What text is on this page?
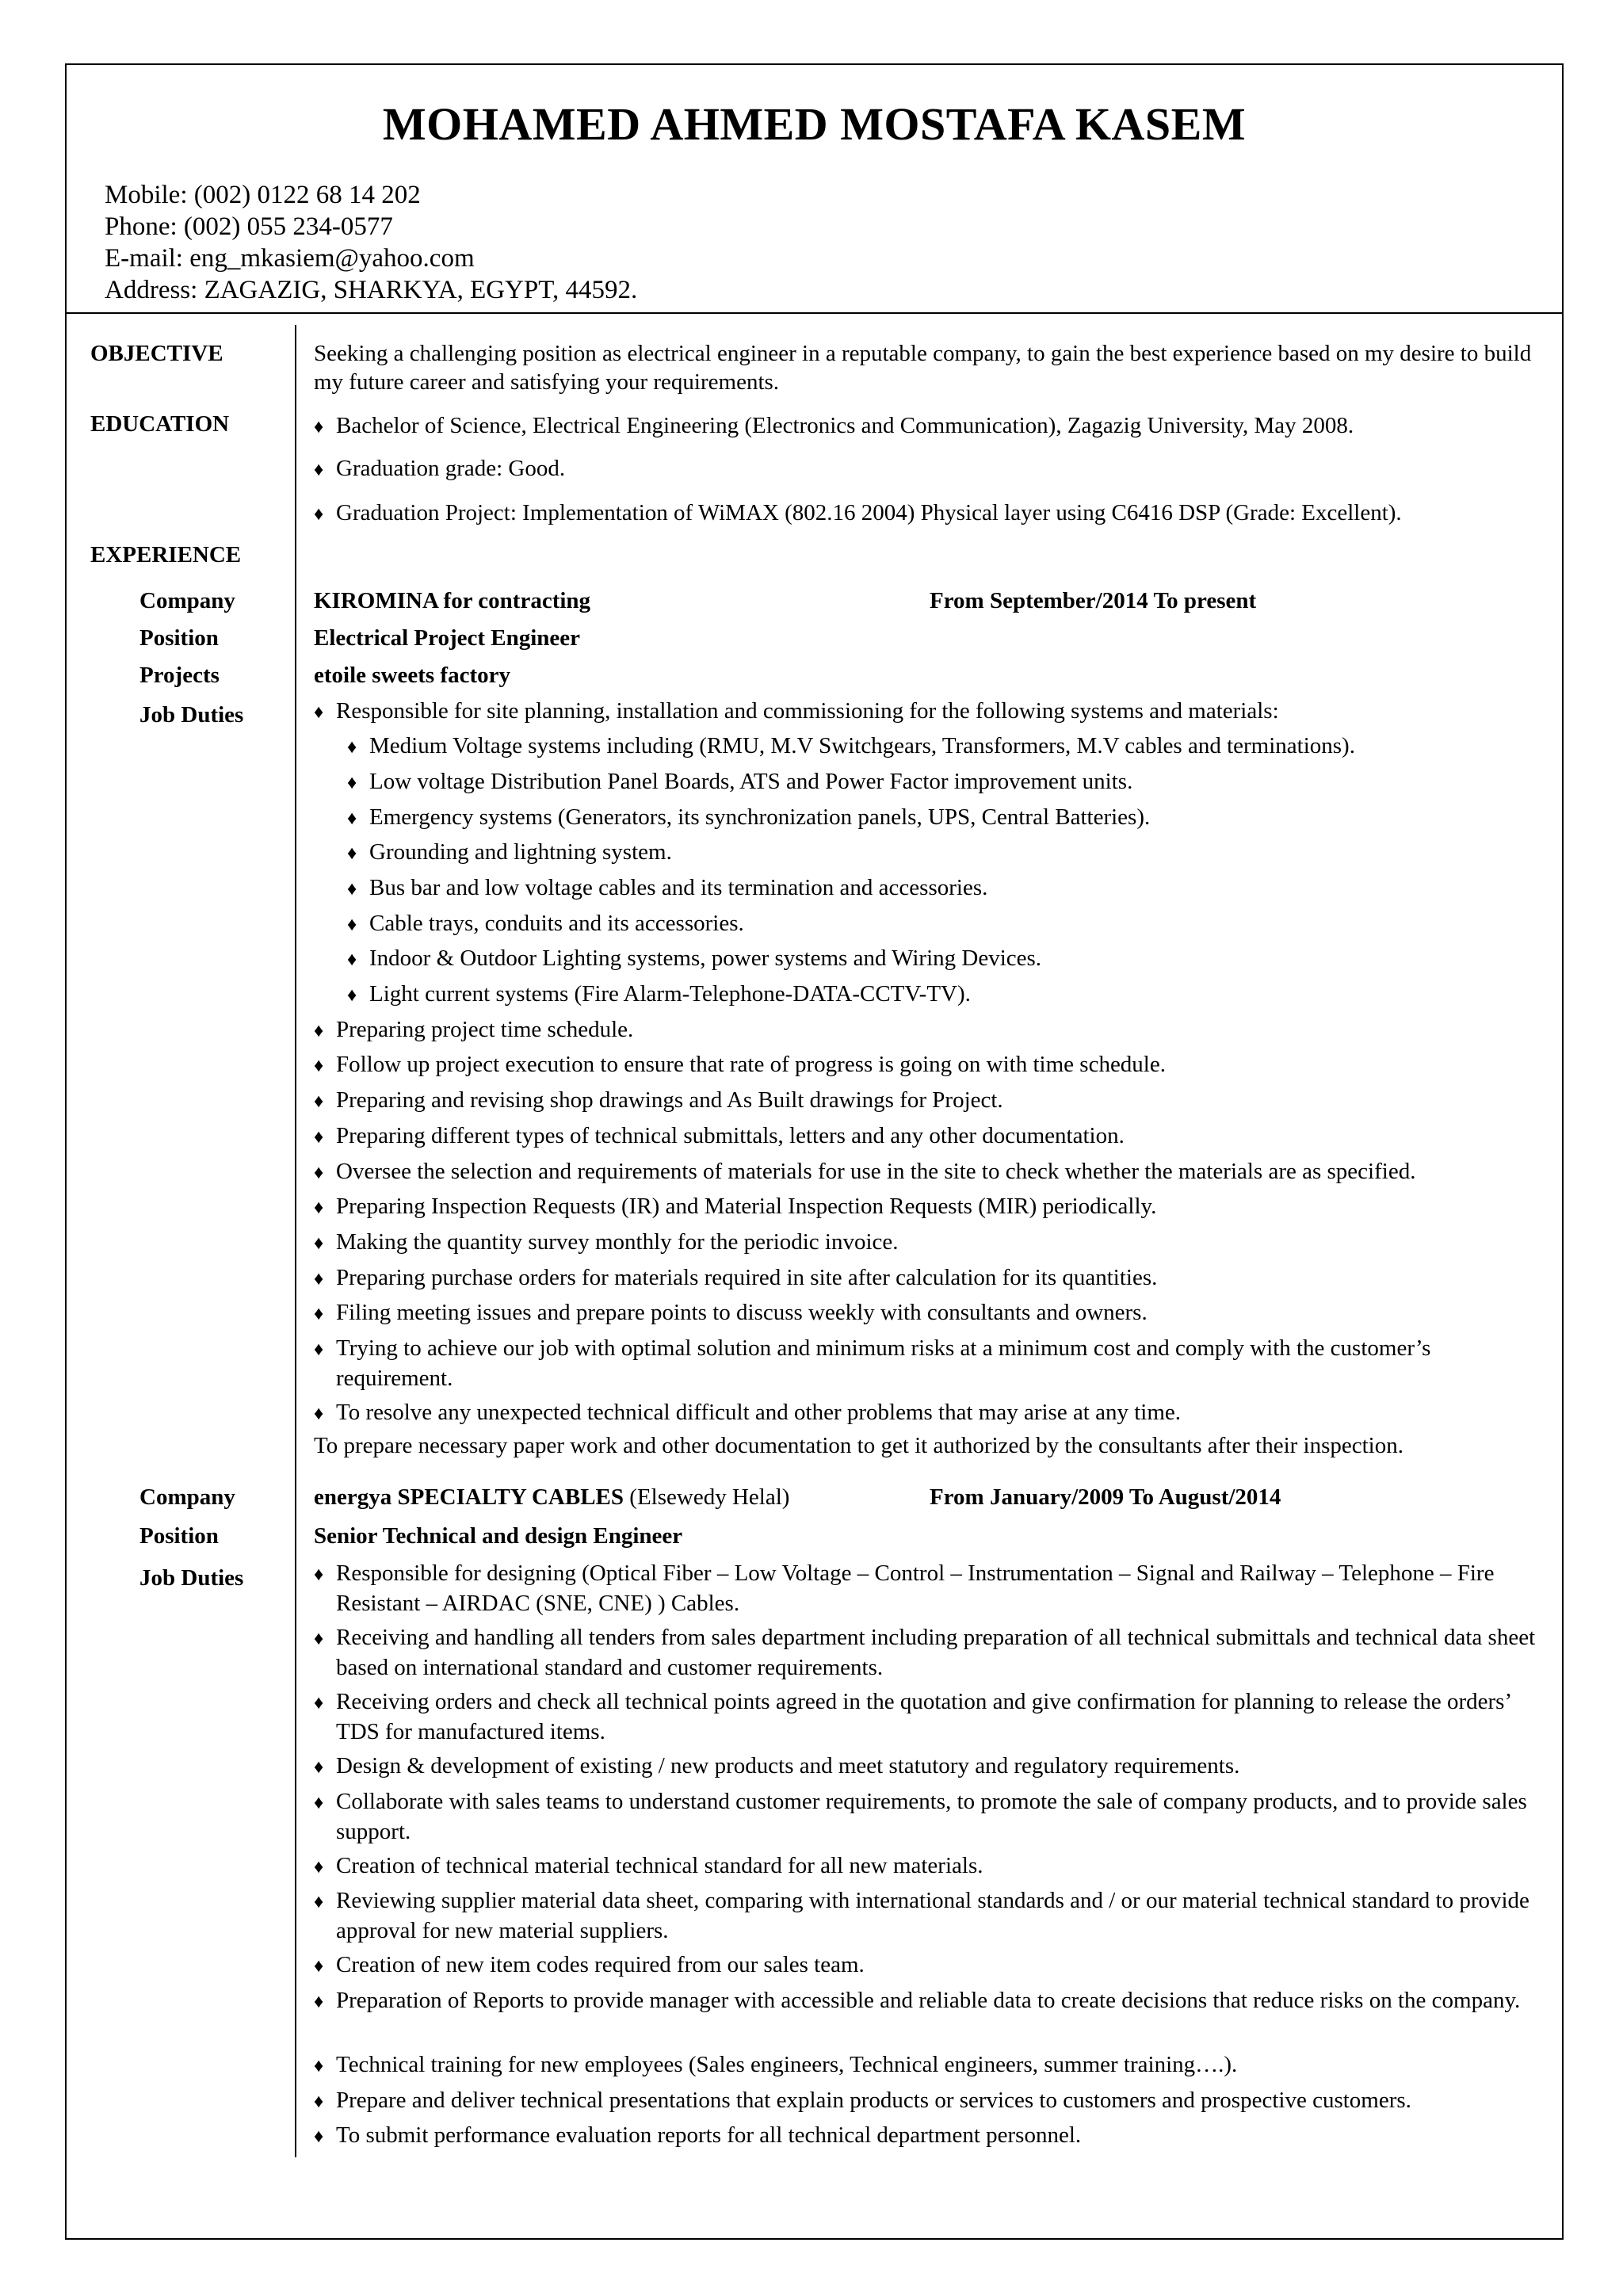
MOHAMED AHMED MOSTAFA KASEM
Mobile: (002) 0122 68 14 202
Phone: (002) 055 234-0577
E-mail: eng_mkasiem@yahoo.com
Address: ZAGAZIG, SHARKYA, EGYPT, 44592.
OBJECTIVE	Seeking a challenging position as electrical engineer in a reputable company, to gain the best experience based on my desire to build my future career and satisfying your requirements.
EDUCATION	♦ Bachelor of Science, Electrical Engineering (Electronics and Communication), Zagazig University, May 2008.
♦ Graduation grade: Good.
♦ Graduation Project: Implementation of WiMAX (802.16 2004) Physical layer using C6416 DSP (Grade: Excellent).
EXPERIENCE
Company	KIROMINA for contracting	From September/2014 To present
Position	Electrical Project Engineer
Projects	etoile sweets factory
Job Duties	♦ Responsible for site planning, installation and commissioning for the following systems and materials:
♦ Medium Voltage systems including (RMU, M.V Switchgears, Transformers, M.V cables and terminations).
♦ Low voltage Distribution Panel Boards, ATS and Power Factor improvement units.
♦ Emergency systems (Generators, its synchronization panels, UPS, Central Batteries).
♦ Grounding and lightning system.
♦ Bus bar and low voltage cables and its termination and accessories.
♦ Cable trays, conduits and its accessories.
♦ Indoor & Outdoor Lighting systems, power systems and Wiring Devices.
♦ Light current systems (Fire Alarm-Telephone-DATA-CCTV-TV).
♦ Preparing project time schedule.
♦ Follow up project execution to ensure that rate of progress is going on with time schedule.
♦ Preparing and revising shop drawings and As Built drawings for Project.
♦ Preparing different types of technical submittals, letters and any other documentation.
♦ Oversee the selection and requirements of materials for use in the site to check whether the materials are as specified.
♦ Preparing Inspection Requests (IR) and Material Inspection Requests (MIR) periodically.
♦ Making the quantity survey monthly for the periodic invoice.
♦ Preparing purchase orders for materials required in site after calculation for its quantities.
♦ Filing meeting issues and prepare points to discuss weekly with consultants and owners.
♦ Trying to achieve our job with optimal solution and minimum risks at a minimum cost and comply with the customer’s requirement.
♦ To resolve any unexpected technical difficult and other problems that may arise at any time.
To prepare necessary paper work and other documentation to get it authorized by the consultants after their inspection.
Company	energya SPECIALTY CABLES (Elsewedy Helal)	From January/2009 To August/2014
Position	Senior Technical and design Engineer
Job Duties	♦ Responsible for designing (Optical Fiber – Low Voltage – Control – Instrumentation – Signal and Railway – Telephone – Fire Resistant – AIRDAC (SNE, CNE) ) Cables.
♦ Receiving and handling all tenders from sales department including preparation of all technical submittals and technical data sheet based on international standard and customer requirements.
♦ Receiving orders and check all technical points agreed in the quotation and give confirmation for planning to release the orders’ TDS for manufactured items.
♦ Design & development of existing / new products and meet statutory and regulatory requirements.
♦ Collaborate with sales teams to understand customer requirements, to promote the sale of company products, and to provide sales support.
♦ Creation of technical material technical standard for all new materials.
♦ Reviewing supplier material data sheet, comparing with international standards and / or our material technical standard to provide approval for new material suppliers.
♦ Creation of new item codes required from our sales team.
♦ Preparation of Reports to provide manager with accessible and reliable data to create decisions that reduce risks on the company.
♦ Technical training for new employees (Sales engineers, Technical engineers, summer training….).
♦ Prepare and deliver technical presentations that explain products or services to customers and prospective customers.
♦ To submit performance evaluation reports for all technical department personnel.
